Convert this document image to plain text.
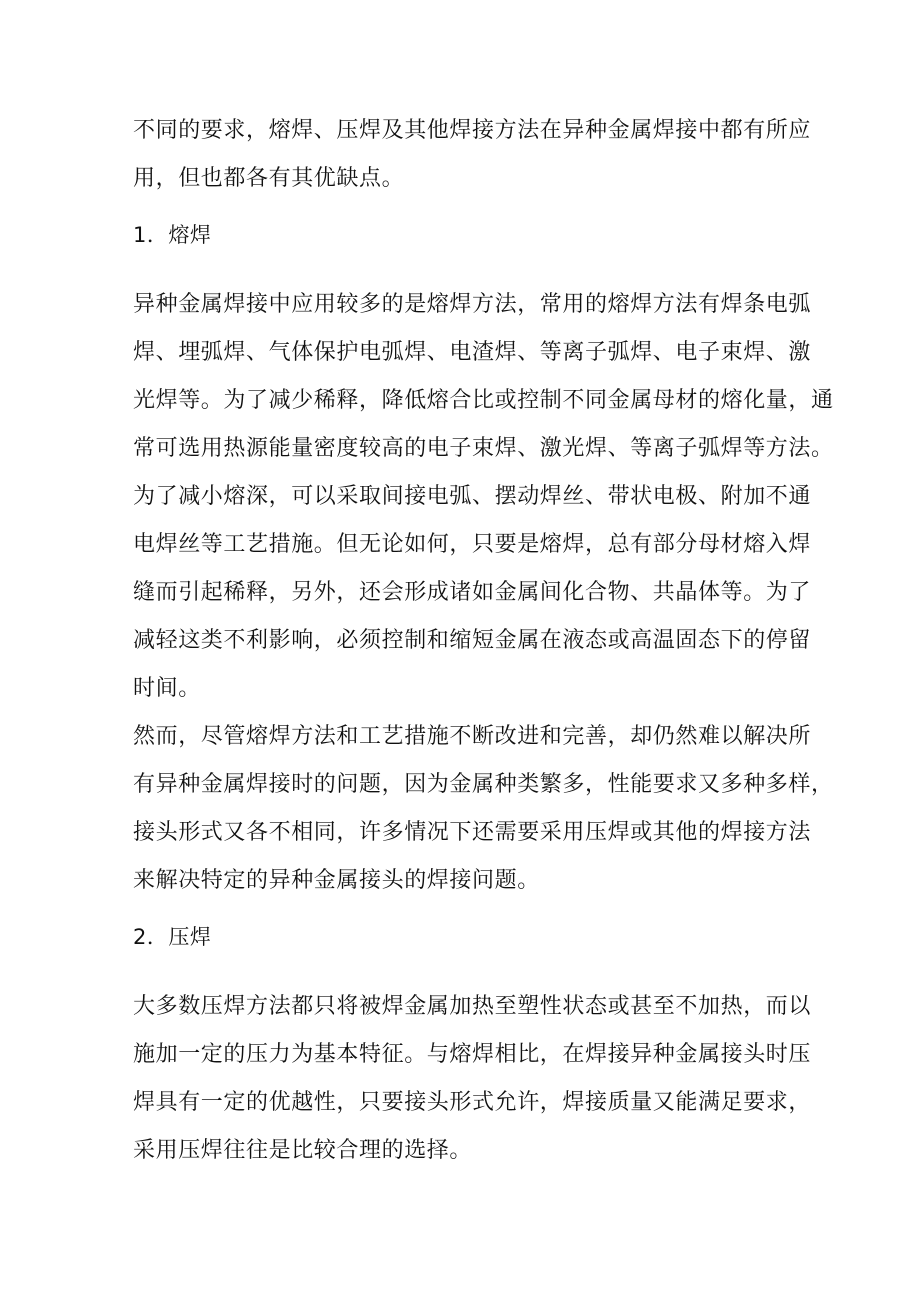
不同的要求，熔焊、压焊及其他焊接方法在异种金属焊接中都有所应
用，但也都各有其优缺点。
1．熔焊
异种金属焊接中应用较多的是熔焊方法，常用的熔焊方法有焊条电弧
焊、埋弧焊、气体保护电弧焊、电渣焊、等离子弧焊、电子束焊、激
光焊等。为了减少稀释，降低熔合比或控制不同金属母材的熔化量，通
常可选用热源能量密度较高的电子束焊、激光焊、等离子弧焊等方法。
为了减小熔深，可以采取间接电弧、摆动焊丝、带状电极、附加不通
电焊丝等工艺措施。但无论如何，只要是熔焊，总有部分母材熔入焊
缝而引起稀释，另外，还会形成诸如金属间化合物、共晶体等。为了
减轻这类不利影响，必须控制和缩短金属在液态或高温固态下的停留
时间。
然而，尽管熔焊方法和工艺措施不断改进和完善，却仍然难以解决所
有异种金属焊接时的问题，因为金属种类繁多，性能要求又多种多样，
接头形式又各不相同，许多情况下还需要采用压焊或其他的焊接方法
来解决特定的异种金属接头的焊接问题。
2．压焊
大多数压焊方法都只将被焊金属加热至塑性状态或甚至不加热，而以
施加一定的压力为基本特征。与熔焊相比，在焊接异种金属接头时压
焊具有一定的优越性，只要接头形式允许，焊接质量又能满足要求，
采用压焊往往是比较合理的选择。
